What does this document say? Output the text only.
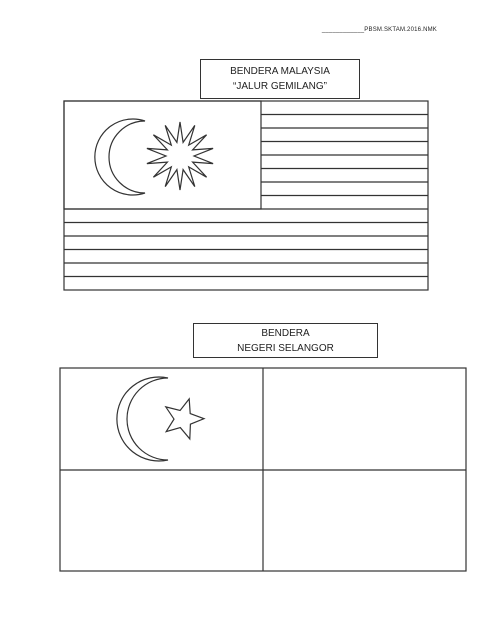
____________PBSM.SKTAM.2016.NMK
BENDERA MALAYSIA
“JALUR GEMILANG”
BENDERA
NEGERI SELANGOR
